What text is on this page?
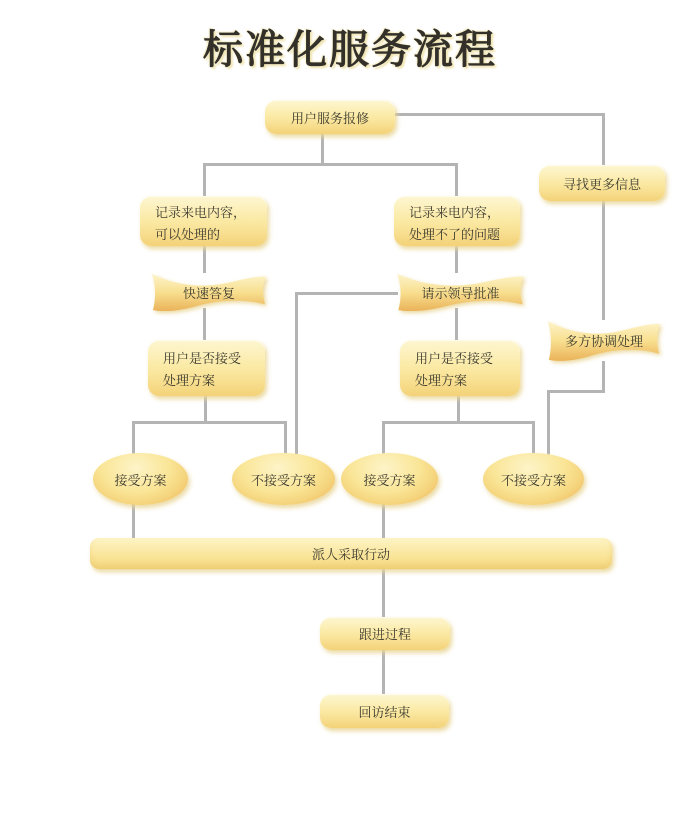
标准化服务流程
用户服务报修
寻找更多信息
记录来电内容，
可以处理的
记录来电内容，
处理不了的问题
快速答复	请示领导批准
多方协调处理
用户是否接受
处理方案
用户是否接受
处理方案
接受方案	不接受方案	接受方案	不接受方案
派人采取行动
跟进过程
回访结束
